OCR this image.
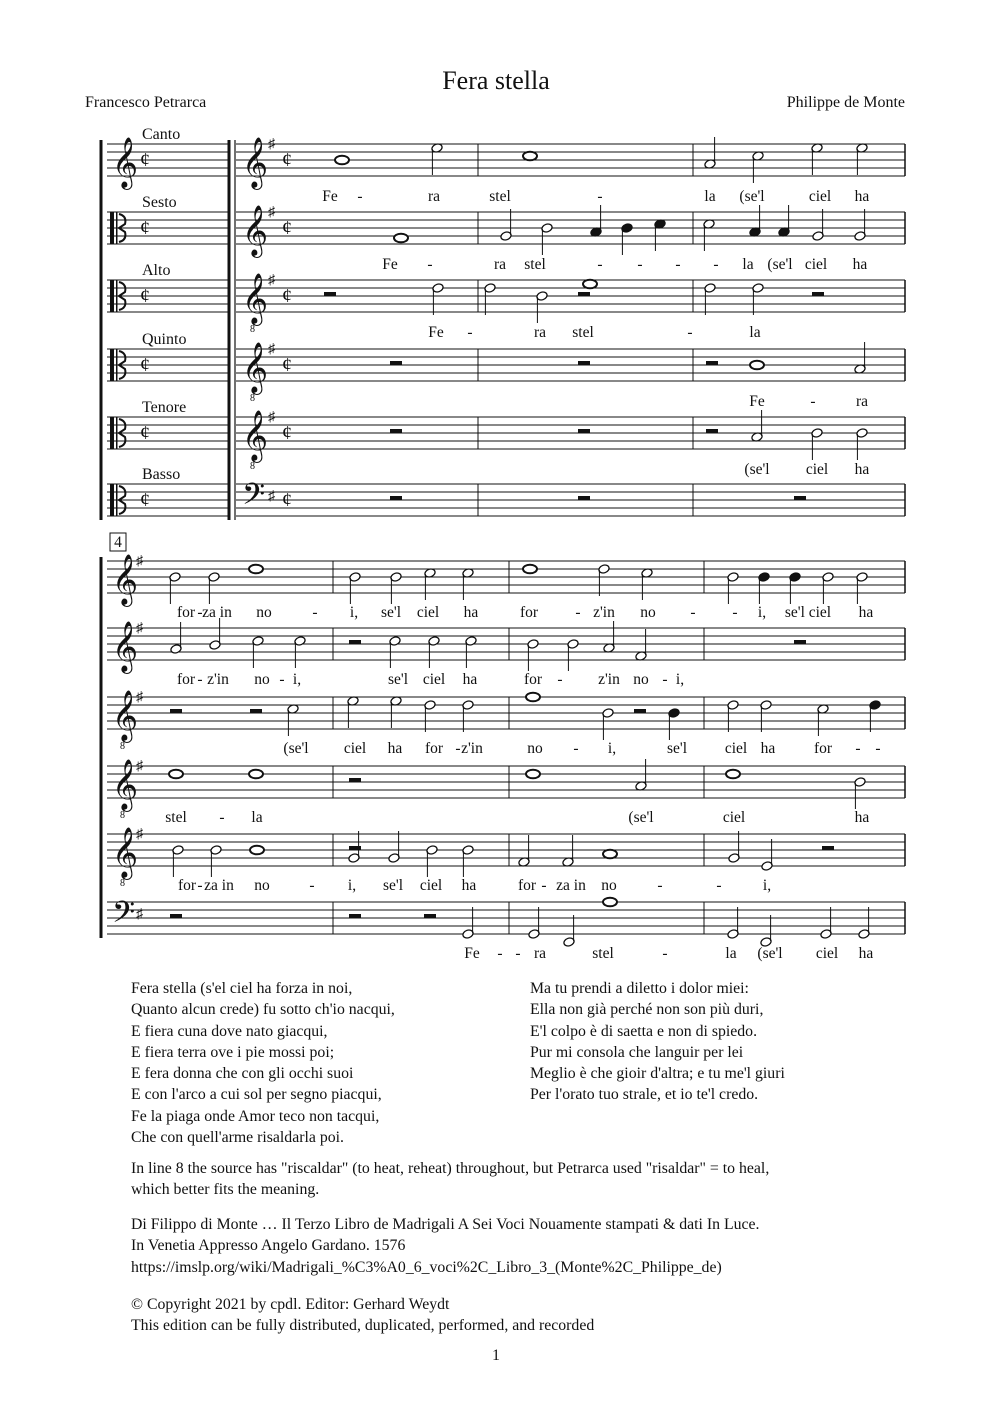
Fera stella
Francesco Petrarca	Philippe de Monte
Canto
𝄞 ¢ 𝄞 ♯
¢
Sesto
¢ 𝄞 ♯
¢
Alto
¢ 𝄞
8
♯
¢
Quinto
¢ 𝄞
8
♯
¢
Tenore
¢ 𝄞
8
♯
¢
Basso
¢	𝄢 ♯ ¢
Fe -	ra	stel	-	la (se'l	ciel ha
Fe -	ra stel	- - - - la (se'l ciel ha
Fe -	ra stel	-	la
Fe	-	ra
(se'l ciel ha
4
𝄞
♯
𝄞
♯
𝄞
8
♯
𝄞
8
♯
𝄞
8
♯
𝄢 ♯
for - za in no	- i, se'l ciel ha	for - z'in no - - i, se'l ciel ha
for - z'in no - i,	se'l ciel ha	for - z'in no - i,
(se'l ciel ha for - z'in	no - i,	se'l ciel ha for - -
stel - la	(se'l	ciel	ha
for - za in no	- i, se'l ciel ha	for - za in no	-	-	i,
Fe - - ra	stel	-	la (se'l ciel ha
Fera stella (s'el ciel ha forza in noi,
Quanto alcun crede) fu sotto ch'io nacqui,
E fiera cuna dove nato giacqui,
E fiera terra ove i pie mossi poi;
E fera donna che con gli occhi suoi
E con l'arco a cui sol per segno piacqui,
Fe la piaga onde Amor teco non tacqui,
Che con quell'arme risaldarla poi.
Ma tu prendi a diletto i dolor miei:
Ella non già perché non son più duri,
E'l colpo è di saetta e non di spiedo.
Pur mi consola che languir per lei
Meglio è che gioir d'altra; e tu me'l giuri
Per l'orato tuo strale, et io te'l credo.
In line 8 the source has "riscaldar" (to heat, reheat) throughout, but Petrarca used "risaldar" = to heal,
which better fits the meaning.
Di Filippo di Monte … Il Terzo Libro de Madrigali A Sei Voci Nouamente stampati & dati In Luce.
In Venetia Appresso Angelo Gardano. 1576
https://imslp.org/wiki/Madrigali_%C3%A0_6_voci%2C_Libro_3_(Monte%2C_Philippe_de)
© Copyright 2021 by cpdl. Editor: Gerhard Weydt
This edition can be fully distributed, duplicated, performed, and recorded
1
